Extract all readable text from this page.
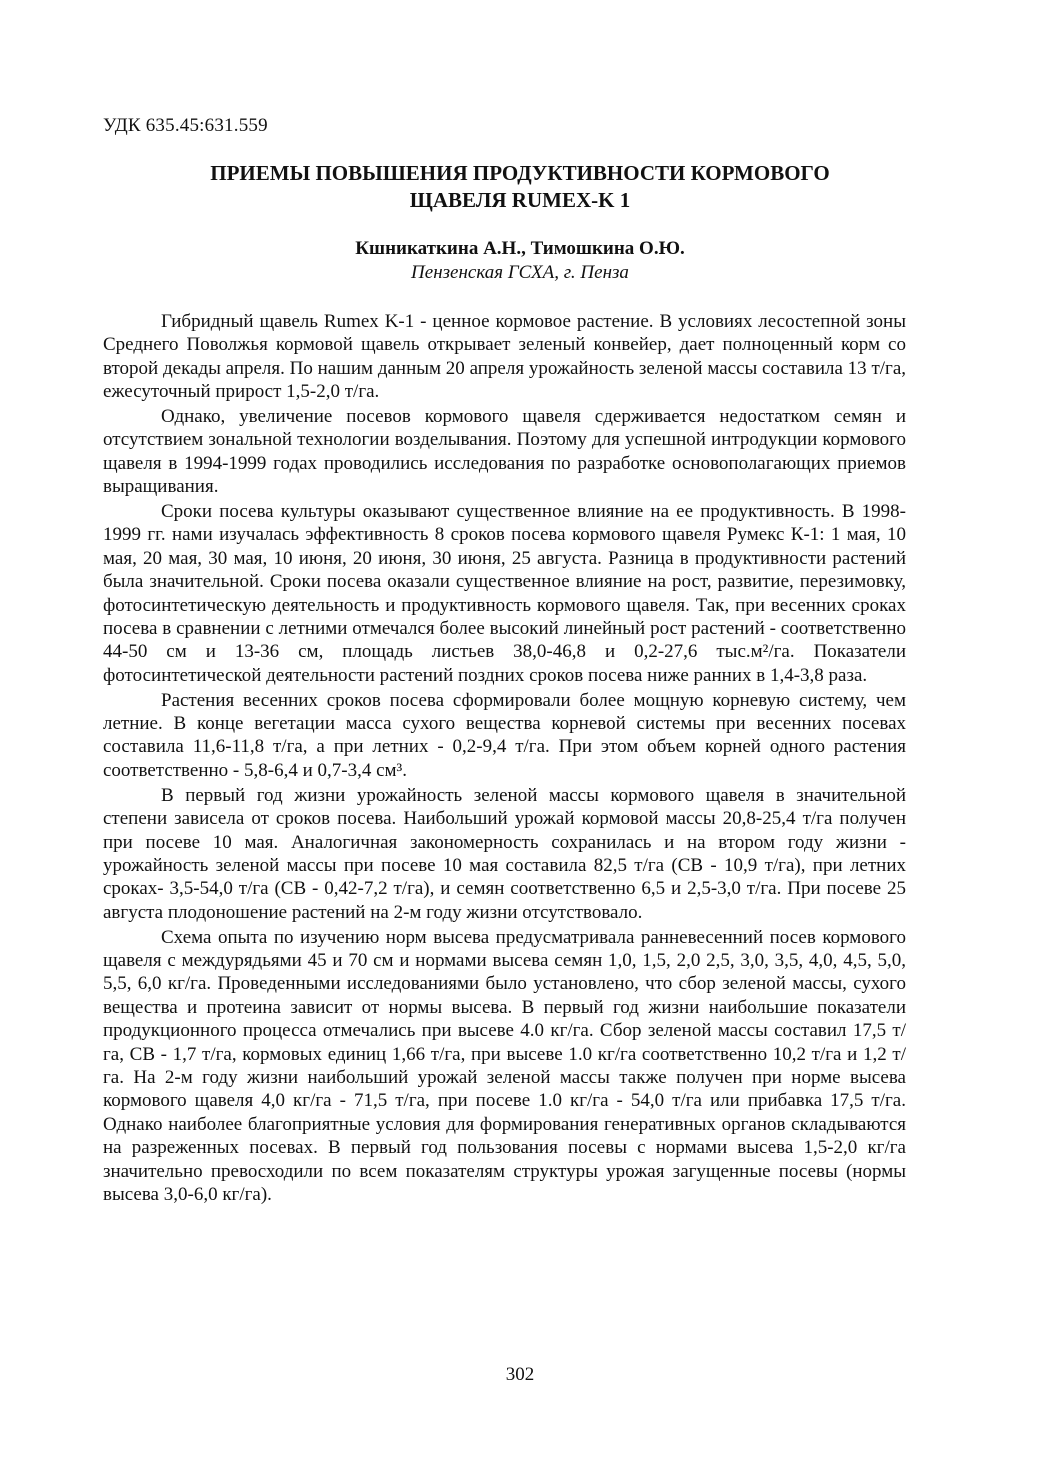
УДК 635.45:631.559
ПРИЕМЫ ПОВЫШЕНИЯ ПРОДУКТИВНОСТИ КОРМОВОГО
ЩАВЕЛЯ RUMEX-K 1
Кшникаткина А.Н., Тимошкина О.Ю.
Пензенская ГСХА, г. Пенза

Гибридный щавель Rumex K-1 - ценное кормовое растение. В условиях лесостепной зоны Среднего Поволжья кормовой щавель открывает зеленый конвейер, дает полноценный корм со второй декады апреля. По нашим данным 20 апреля урожайность зеленой массы составила 13 т/га, ежесуточный прирост 1,5-2,0 т/га.

Однако, увеличение посевов кормового щавеля сдерживается недостатком семян и отсутствием зональной технологии возделывания. Поэтому для успешной интродукции кормового щавеля в 1994-1999 годах проводились исследования по разработке основополагающих приемов выращивания.

Сроки посева культуры оказывают существенное влияние на ее продуктивность. В 1998-1999 гг. нами изучалась эффективность 8 сроков посева кормового щавеля Румекс К-1: 1 мая, 10 мая, 20 мая, 30 мая, 10 июня, 20 июня, 30 июня, 25 августа. Разница в продуктивности растений была значительной. Сроки посева оказали существенное влияние на рост, развитие, перезимовку, фотосинтетическую деятельность и продуктивность кормового щавеля. Так, при весенних сроках посева в сравнении с летними отмечался более высокий линейный рост растений - соответственно 44-50 см и 13-36 см, площадь листьев 38,0-46,8 и 0,2-27,6 тыс.м²/га. Показатели фотосинтетической деятельности растений поздних сроков посева ниже ранних в 1,4-3,8 раза.

Растения весенних сроков посева сформировали более мощную корневую систему, чем летние. В конце вегетации масса сухого вещества корневой системы при весенних посевах составила 11,6-11,8 т/га, а при летних - 0,2-9,4 т/га. При этом объем корней одного растения соответственно - 5,8-6,4 и 0,7-3,4 см³.

В первый год жизни урожайность зеленой массы кормового щавеля в значительной степени зависела от сроков посева. Наибольший урожай кормовой массы 20,8-25,4 т/га получен при посеве 10 мая. Аналогичная закономерность сохранилась и на втором году жизни - урожайность зеленой массы при посеве 10 мая составила 82,5 т/га (СВ - 10,9 т/га), при летних сроках- 3,5-54,0 т/га (СВ - 0,42-7,2 т/га), и семян соответственно 6,5 и 2,5-3,0 т/га. При посеве 25 августа плодоношение растений на 2-м году жизни отсутствовало.

Схема опыта по изучению норм высева предусматривала ранневесенний посев кормового щавеля с междурядьями 45 и 70 см и нормами высева семян 1,0, 1,5, 2,0 2,5, 3,0, 3,5, 4,0, 4,5, 5,0, 5,5, 6,0 кг/га. Проведенными исследованиями было установлено, что сбор зеленой массы, сухого вещества и протеина зависит от нормы высева. В первый год жизни наибольшие показатели продукционного процесса отмечались при высеве 4.0 кг/га. Сбор зеленой массы составил 17,5 т/га, СВ - 1,7 т/га, кормовых единиц 1,66 т/га, при высеве 1.0 кг/га соответственно 10,2 т/га и 1,2 т/га. На 2-м году жизни наибольший урожай зеленой массы также получен при норме высева кормового щавеля 4,0 кг/га - 71,5 т/га, при посеве 1.0 кг/га - 54,0 т/га или прибавка 17,5 т/га. Однако наиболее благоприятные условия для формирования генеративных органов складываются на разреженных посевах. В первый год пользования посевы с нормами высева 1,5-2,0 кг/га значительно превосходили по всем показателям структуры урожая загущенные посевы (нормы высева 3,0-6,0 кг/га).

302
